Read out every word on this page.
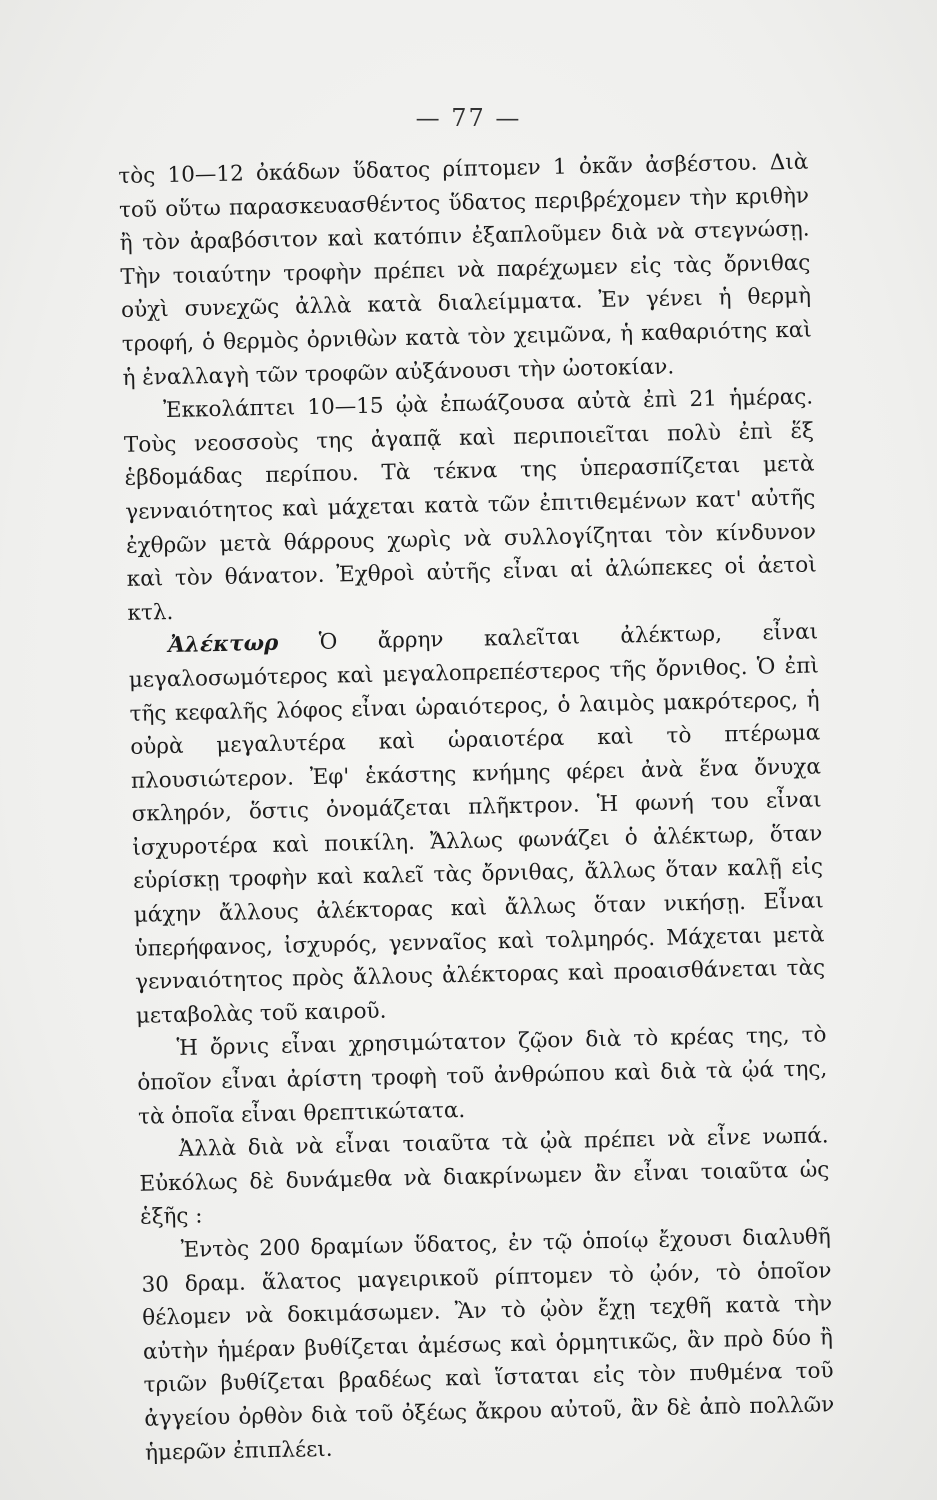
— 77 —

τὸς 10—12 ὀκάδων ὕδατος ρίπτομεν 1 ὀκᾶν ἀσβέστου. Διὰ τοῦ οὕτω παρασκευασθέντος ὕδατος περιβρέχομεν τὴν κριθὴν ἢ τὸν ἀραβόσιτον καὶ κατόπιν ἐξαπλοῦμεν διὰ νὰ στεγνώσῃ. Τὴν τοιαύτην τροφὴν πρέπει νὰ παρέχωμεν εἰς τὰς ὄρνιθας οὐχὶ συνεχῶς ἀλλὰ κατὰ διαλείμματα. Ἐν γένει ἡ θερμὴ τροφή, ὁ θερμὸς ὀρνιθὼν κατὰ τὸν χειμῶνα, ἡ καθαριότης καὶ ἡ ἐναλλαγὴ τῶν τροφῶν αὐξάνουσι τὴν ὠοτοκίαν.

Ἐκκολάπτει 10—15 ᾠὰ ἐπωάζουσα αὐτὰ ἐπὶ 21 ἡμέρας. Τοὺς νεοσσοὺς της ἀγαπᾷ καὶ περιποιεῖται πολὺ ἐπὶ ἕξ ἑβδομάδας περίπου. Τὰ τέκνα της ὑπερασπίζεται μετὰ γενναιότητος καὶ μάχεται κατὰ τῶν ἐπιτιθεμένων κατ' αὐτῆς ἐχθρῶν μετὰ θάρρους χωρὶς νὰ συλλογίζηται τὸν κίνδυνον καὶ τὸν θάνατον. Ἐχθροὶ αὐτῆς εἶναι αἱ ἀλώπεκες οἱ ἀετοὶ κτλ.

Ἀλέκτωρ Ὁ ἄρρην καλεῖται ἀλέκτωρ, εἶναι μεγαλοσωμότερος καὶ μεγαλοπρεπέστερος τῆς ὄρνιθος. Ὁ ἐπὶ τῆς κεφαλῆς λόφος εἶναι ὡραιότερος, ὁ λαιμὸς μακρότερος, ἡ οὐρὰ μεγαλυτέρα καὶ ὡραιοτέρα καὶ τὸ πτέρωμα πλουσιώτερον. Ἐφ' ἑκάστης κνήμης φέρει ἀνὰ ἕνα ὄνυχα σκληρόν, ὅστις ὀνομάζεται πλῆκτρον. Ἡ φωνή του εἶναι ἰσχυροτέρα καὶ ποικίλη. Ἄλλως φωνάζει ὁ ἀλέκτωρ, ὅταν εὑρίσκῃ τροφὴν καὶ καλεῖ τὰς ὄρνιθας, ἄλλως ὅταν καλῇ εἰς μάχην ἄλλους ἀλέκτορας καὶ ἄλλως ὅταν νικήσῃ. Εἶναι ὑπερήφανος, ἰσχυρός, γενναῖος καὶ τολμηρός. Μάχεται μετὰ γενναιότητος πρὸς ἄλλους ἀλέκτορας καὶ προαισθάνεται τὰς μεταβολὰς τοῦ καιροῦ.

Ἡ ὄρνις εἶναι χρησιμώτατον ζῷον διὰ τὸ κρέας της, τὸ ὁποῖον εἶναι ἀρίστη τροφὴ τοῦ ἀνθρώπου καὶ διὰ τὰ ᾠά της, τὰ ὁποῖα εἶναι θρεπτικώτατα.

Ἀλλὰ διὰ νὰ εἶναι τοιαῦτα τὰ ᾠὰ πρέπει νὰ εἶνε νωπά. Εὐκόλως δὲ δυνάμεθα νὰ διακρίνωμεν ἂν εἶναι τοιαῦτα ὡς ἑξῆς :

Ἐντὸς 200 δραμίων ὕδατος, ἐν τῷ ὁποίῳ ἔχουσι διαλυθῆ 30 δραμ. ἅλατος μαγειρικοῦ ρίπτομεν τὸ ᾠόν, τὸ ὁποῖον θέλομεν νὰ δοκιμάσωμεν. Ἂν τὸ ᾠὸν ἔχῃ τεχθῆ κατὰ τὴν αὐτὴν ἡμέραν βυθίζεται ἀμέσως καὶ ὁρμητικῶς, ἂν πρὸ δύο ἢ τριῶν βυθίζεται βραδέως καὶ ἵσταται εἰς τὸν πυθμένα τοῦ ἀγγείου ὀρθὸν διὰ τοῦ ὀξέως ἄκρου αὐτοῦ, ἂν δὲ ἀπὸ πολλῶν ἡμερῶν ἐπιπλέει.
